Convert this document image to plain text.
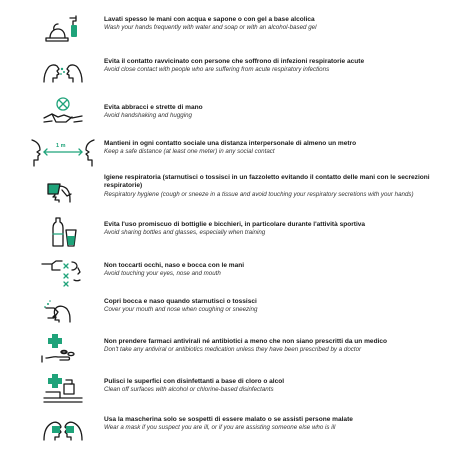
Lavati spesso le mani con acqua e sapone o con gel a base alcolica
Wash your hands frequently with water and soap or with an alcohol-based gel
Evita il contatto ravvicinato con persone che soffrono di infezioni respiratorie acute
Avoid close contact with people who are suffering from acute respiratory infections
Evita abbracci e strette di mano
Avoid handshaking and hugging
1 m	Mantieni in ogni contatto sociale una distanza interpersonale di almeno un metro
Keep a safe distance (at least one meter) in any social contact
Igiene respiratoria (starnutisci o tossisci in un fazzoletto evitando il contatto delle mani con le secrezioni respiratorie)
Respiratory hygiene (cough or sneeze in a tissue and avoid touching your respiratory secretions with your hands)
Evita l'uso promiscuo di bottiglie e bicchieri, in particolare durante l'attività sportiva
Avoid sharing bottles and glasses, especially when training
Non toccarti occhi, naso e bocca con le mani
Avoid touching your eyes, nose and mouth
Copri bocca e naso quando starnutisci o tossisci
Cover your mouth and nose when coughing or sneezing
Non prendere farmaci antivirali né antibiotici a meno che non siano prescritti da un medico
Don't take any antiviral or antibiotics medication unless they have been prescribed by a doctor
Pulisci le superfici con disinfettanti a base di cloro o alcol
Clean off surfaces with alcohol or chlorine-based disinfectants
Usa la mascherina solo se sospetti di essere malato o se assisti persone malate
Wear a mask if you suspect you are ill, or if you are assisting someone else who is ill
